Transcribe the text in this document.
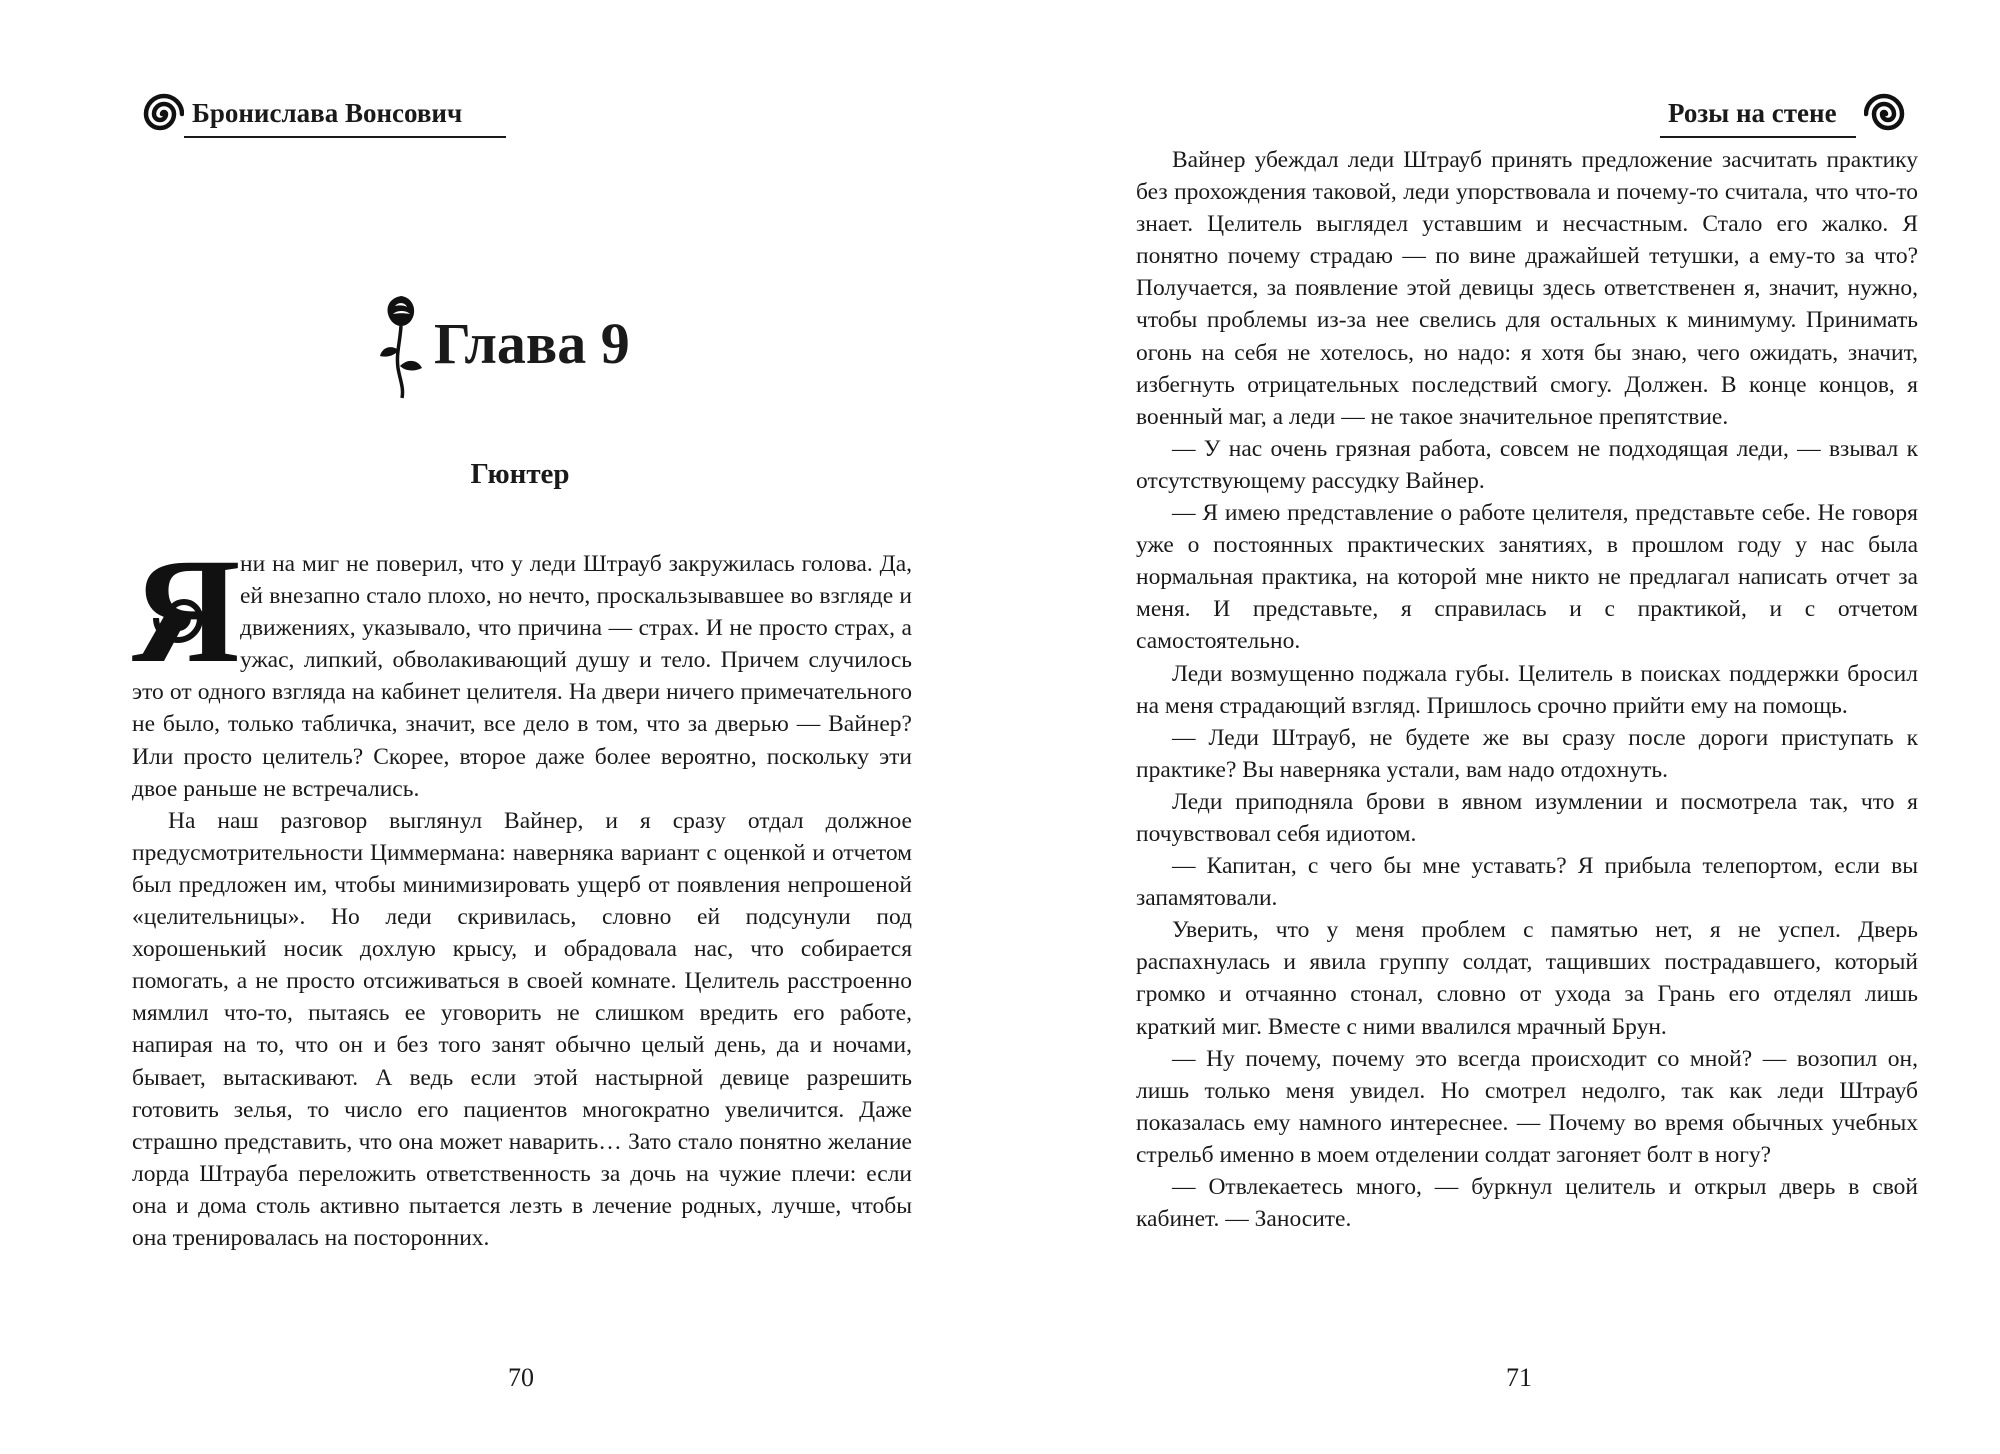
Бронислава Вонсович
Глава 9
Гюнтер

Я ни на миг не поверил, что у леди Штрауб закружилась голова. Да, ей внезапно стало плохо, но нечто, проскальзывавшее во взгляде и движениях, указывало, что причина — страх. И не просто страх, а ужас, липкий, обволакивающий душу и тело. Причем случилось это от одного взгляда на кабинет целителя. На двери ничего примечательного не было, только табличка, значит, все дело в том, что за дверью — Вайнер? Или просто целитель? Скорее, второе даже более вероятно, поскольку эти двое раньше не встречались.

На наш разговор выглянул Вайнер, и я сразу отдал должное предусмотрительности Циммермана: наверняка вариант с оценкой и отчетом был предложен им, чтобы минимизировать ущерб от появления непрошеной «целительницы». Но леди скривилась, словно ей подсунули под хорошенький носик дохлую крысу, и обрадовала нас, что собирается помогать, а не просто отсиживаться в своей комнате. Целитель расстроенно мямлил что-то, пытаясь ее уговорить не слишком вредить его работе, напирая на то, что он и без того занят обычно целый день, да и ночами, бывает, вытаскивают. А ведь если этой настырной девице разрешить готовить зелья, то число его пациентов многократно увеличится. Даже страшно представить, что она может наварить… Зато стало понятно желание лорда Штрауба переложить ответственность за дочь на чужие плечи: если она и дома столь активно пытается лезть в лечение родных, лучше, чтобы она тренировалась на посторонних.

70
Розы на стене

Вайнер убеждал леди Штрауб принять предложение засчитать практику без прохождения таковой, леди упорствовала и почему-то считала, что что-то знает. Целитель выглядел уставшим и несчастным. Стало его жалко. Я понятно почему страдаю — по вине дражайшей тетушки, а ему-то за что? Получается, за появление этой девицы здесь ответственен я, значит, нужно, чтобы проблемы из-за нее свелись для остальных к минимуму. Принимать огонь на себя не хотелось, но надо: я хотя бы знаю, чего ожидать, значит, избегнуть отрицательных последствий смогу. Должен. В конце концов, я военный маг, а леди — не такое значительное препятствие.

— У нас очень грязная работа, совсем не подходящая леди, — взывал к отсутствующему рассудку Вайнер.

— Я имею представление о работе целителя, представьте себе. Не говоря уже о постоянных практических занятиях, в прошлом году у нас была нормальная практика, на которой мне никто не предлагал написать отчет за меня. И представьте, я справилась и с практикой, и с отчетом самостоятельно.

Леди возмущенно поджала губы. Целитель в поисках поддержки бросил на меня страдающий взгляд. Пришлось срочно прийти ему на помощь.

— Леди Штрауб, не будете же вы сразу после дороги приступать к практике? Вы наверняка устали, вам надо отдохнуть.

Леди приподняла брови в явном изумлении и посмотрела так, что я почувствовал себя идиотом.

— Капитан, с чего бы мне уставать? Я прибыла телепортом, если вы запамятовали.

Уверить, что у меня проблем с памятью нет, я не успел. Дверь распахнулась и явила группу солдат, тащивших пострадавшего, который громко и отчаянно стонал, словно от ухода за Грань его отделял лишь краткий миг. Вместе с ними ввалился мрачный Брун.

— Ну почему, почему это всегда происходит со мной? — возопил он, лишь только меня увидел. Но смотрел недолго, так как леди Штрауб показалась ему намного интереснее. — Почему во время обычных учебных стрельб именно в моем отделении солдат загоняет болт в ногу?

— Отвлекаетесь много, — буркнул целитель и открыл дверь в свой кабинет. — Заносите.

71
